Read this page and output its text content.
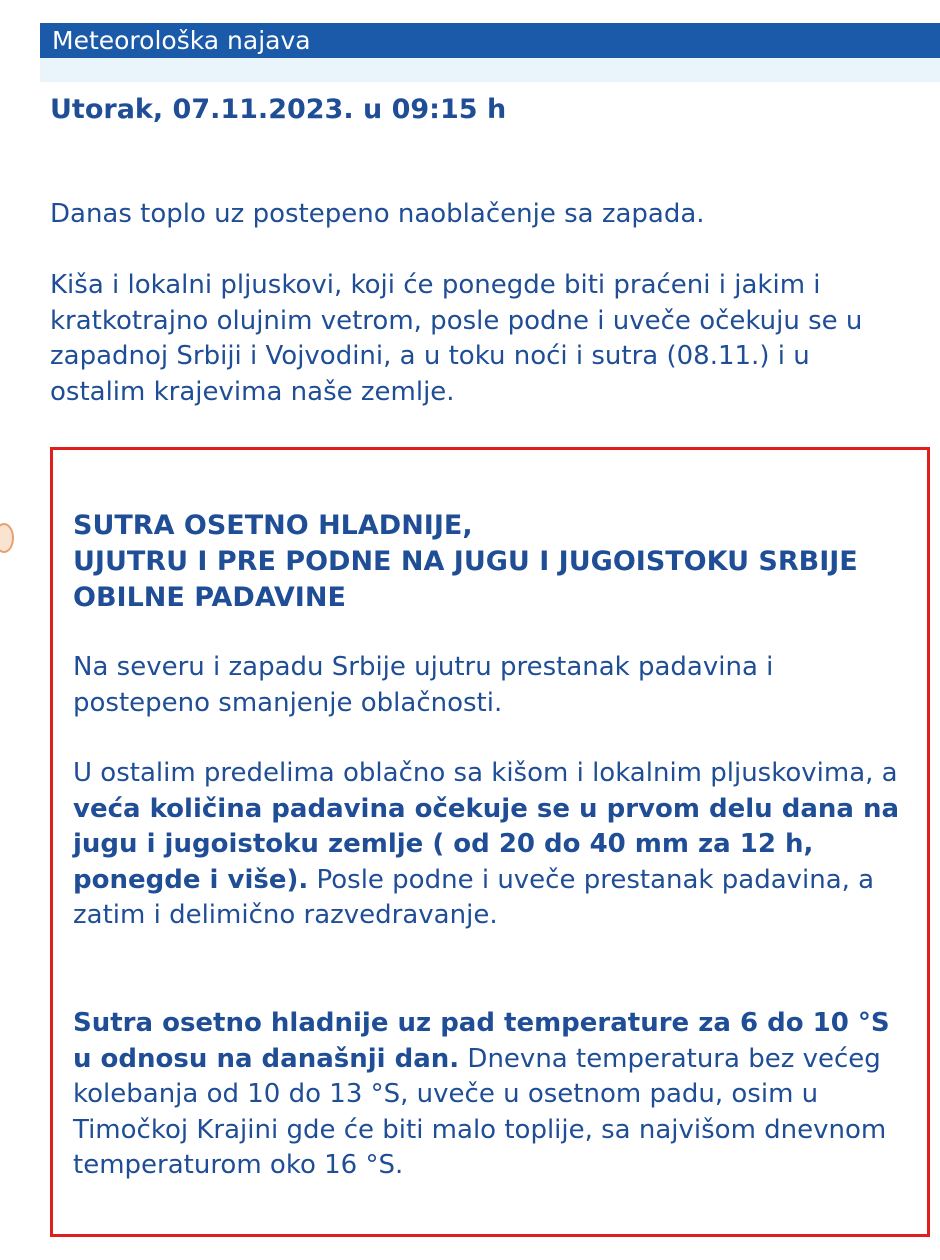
Meteorološka najava
Utorak, 07.11.2023. u 09:15 h

Danas toplo uz postepeno naoblačenje sa zapada.

Kiša i lokalni pljuskovi, koji će ponegde biti praćeni i jakim i kratkotrajno olujnim vetrom, posle podne i uveče očekuju se u zapadnoj Srbiji i Vojvodini, a u toku noći i sutra (08.11.) i u ostalim krajevima naše zemlje.

SUTRA OSETNO HLADNIJE,
UJUTRU I PRE PODNE NA JUGU I JUGOISTOKU SRBIJE OBILNE PADAVINE

Na severu i zapadu Srbije ujutru prestanak padavina i postepeno smanjenje oblačnosti.

U ostalim predelima oblačno sa kišom i lokalnim pljuskovima, a veća količina padavina očekuje se u prvom delu dana na jugu i jugoistoku zemlje ( od 20 do 40 mm za 12 h, ponegde i više). Posle podne i uveče prestanak padavina, a zatim i delimično razvedravanje.

Sutra osetno hladnije uz pad temperature za 6 do 10 °S u odnosu na današnji dan. Dnevna temperatura bez većeg kolebanja od 10 do 13 °S, uveče u osetnom padu, osim u Timočkoj Krajini gde će biti malo toplije, sa najvišom dnevnom temperaturom oko 16 °S.
